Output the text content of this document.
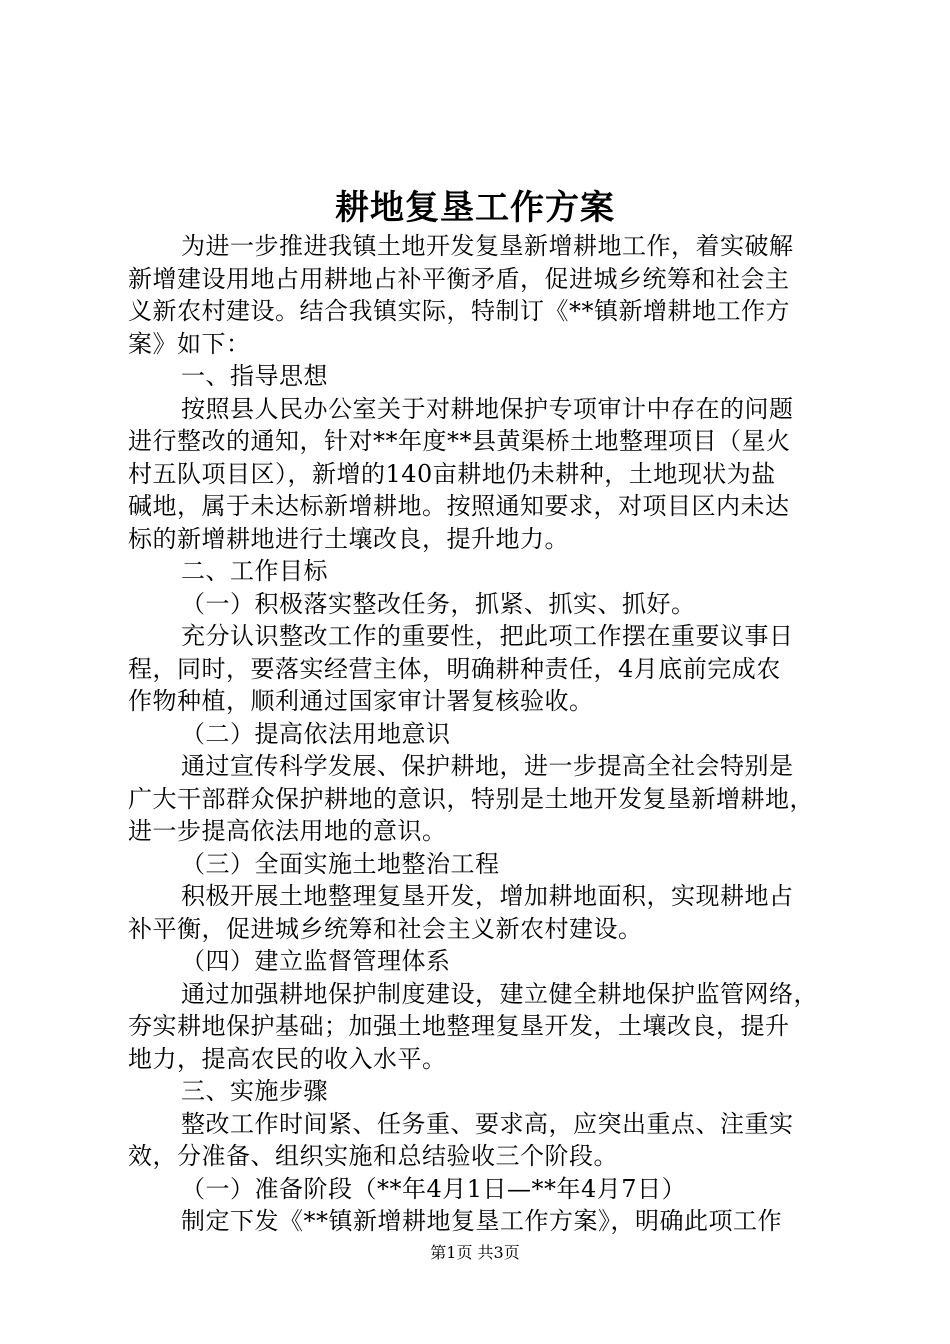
耕地复垦工作方案
为进一步推进我镇土地开发复垦新增耕地工作，着实破解
新增建设用地占用耕地占补平衡矛盾，促进城乡统筹和社会主
义新农村建设。结合我镇实际，特制订《**镇新增耕地工作方
案》如下：
一、指导思想
按照县人民办公室关于对耕地保护专项审计中存在的问题
进行整改的通知，针对**年度**县黄渠桥土地整理项目（星火
村五队项目区），新增的140亩耕地仍未耕种，土地现状为盐
碱地，属于未达标新增耕地。按照通知要求，对项目区内未达
标的新增耕地进行土壤改良，提升地力。
二、工作目标
（一）积极落实整改任务，抓紧、抓实、抓好。
充分认识整改工作的重要性，把此项工作摆在重要议事日
程，同时，要落实经营主体，明确耕种责任，4月底前完成农
作物种植，顺利通过国家审计署复核验收。
（二）提高依法用地意识
通过宣传科学发展、保护耕地，进一步提高全社会特别是
广大干部群众保护耕地的意识，特别是土地开发复垦新增耕地，
进一步提高依法用地的意识。
（三）全面实施土地整治工程
积极开展土地整理复垦开发，增加耕地面积，实现耕地占
补平衡，促进城乡统筹和社会主义新农村建设。
（四）建立监督管理体系
通过加强耕地保护制度建设，建立健全耕地保护监管网络，
夯实耕地保护基础；加强土地整理复垦开发，土壤改良，提升
地力，提高农民的收入水平。
三、实施步骤
整改工作时间紧、任务重、要求高，应突出重点、注重实
效，分准备、组织实施和总结验收三个阶段。
（一）准备阶段（**年4月1日—**年4月7日）
制定下发《**镇新增耕地复垦工作方案》，明确此项工作

第1页 共3页
